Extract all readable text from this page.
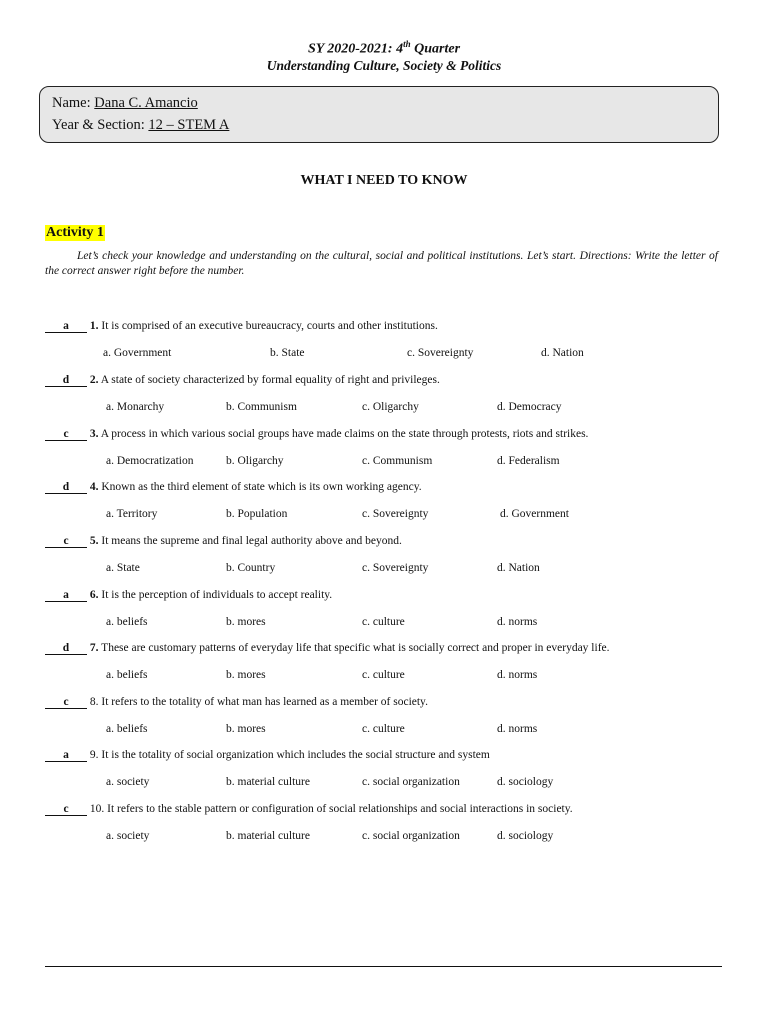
SY 2020-2021: 4th Quarter
Understanding Culture, Society & Politics
Name: Dana C. Amancio
Year & Section: 12 – STEM A
WHAT I NEED TO KNOW
Activity 1
Let’s check your knowledge and understanding on the cultural, social and political institutions. Let’s start. Directions: Write the letter of the correct answer right before the number.
a 1. It is comprised of an executive bureaucracy, courts and other institutions.
a. Government	b. State	c. Sovereignty	d. Nation
d 2. A state of society characterized by formal equality of right and privileges.
a. Monarchy	b. Communism	c. Oligarchy	d. Democracy
c 3. A process in which various social groups have made claims on the state through protests, riots and strikes.
a. Democratization	b. Oligarchy	c. Communism	d. Federalism
d 4. Known as the third element of state which is its own working agency.
a. Territory	b. Population	c. Sovereignty	d. Government
c 5. It means the supreme and final legal authority above and beyond.
a. State	b. Country	c. Sovereignty	d. Nation
a 6. It is the perception of individuals to accept reality.
a. beliefs	b. mores	c. culture	d. norms
d 7. These are customary patterns of everyday life that specific what is socially correct and proper in everyday life.
a. beliefs	b. mores	c. culture	d. norms
c 8. It refers to the totality of what man has learned as a member of society.
a. beliefs	b. mores	c. culture	d. norms
a 9. It is the totality of social organization which includes the social structure and system
a. society	b. material culture	c. social organization	d. sociology
c 10. It refers to the stable pattern or configuration of social relationships and social interactions in society.
a. society	b. material culture	c. social organization	d. sociology
